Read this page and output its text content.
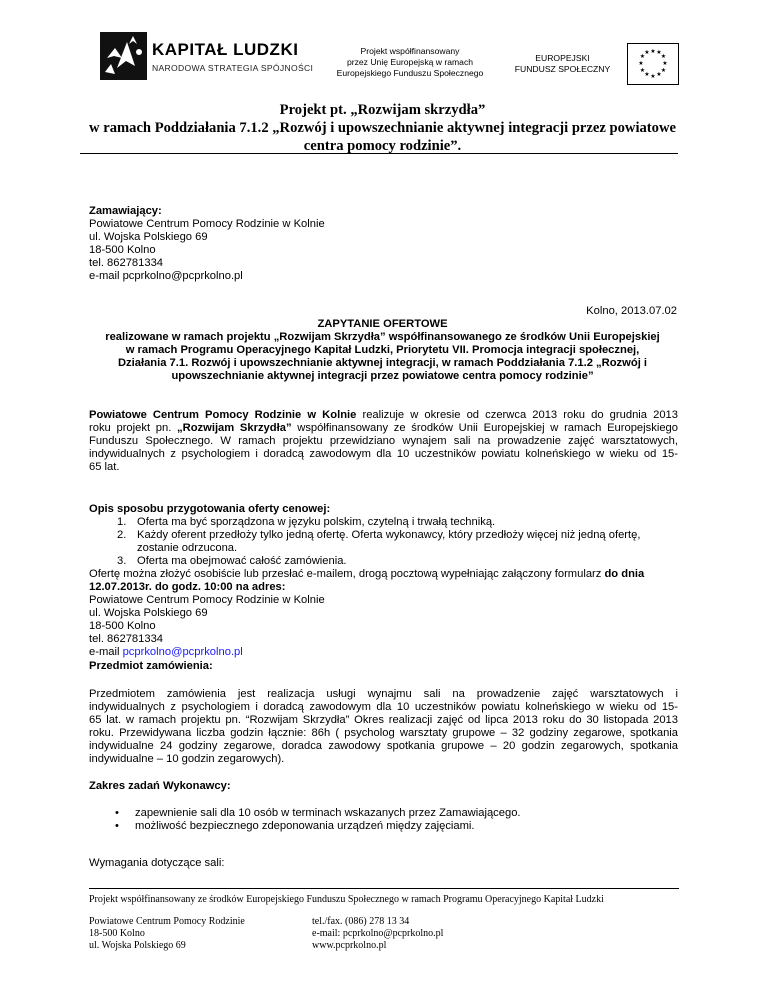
KAPITAŁ LUDZKI
NARODOWA STRATEGIA SPÓJNOŚCI
Projekt współfinansowany
przez Unię Europejską w ramach
Europejskiego Funduszu Społecznego
EUROPEJSKI
FUNDUSZ SPOŁECZNY
★ ★
★
★
★
★
★
★
★
★
★
★
Projekt pt. „Rozwijam skrzydła”
w ramach Poddziałania 7.1.2 „Rozwój i upowszechnianie aktywnej integracji przez powiatowe
centra pomocy rodzinie”.
Zamawiający:
Powiatowe Centrum Pomocy Rodzinie w Kolnie
ul. Wojska Polskiego 69
18-500 Kolno
tel. 862781334
e-mail pcprkolno@pcprkolno.pl
Kolno, 2013.07.02
ZAPYTANIE OFERTOWE
realizowane w ramach projektu „Rozwijam Skrzydła” współfinansowanego ze środków Unii Europejskiej
w ramach Programu Operacyjnego Kapitał Ludzki, Priorytetu VII. Promocja integracji społecznej,
Działania 7.1. Rozwój i upowszechnianie aktywnej integracji, w ramach Poddziałania 7.1.2 „Rozwój i
upowszechnianie aktywnej integracji przez powiatowe centra pomocy rodzinie”
Powiatowe Centrum Pomocy Rodzinie w Kolnie realizuje w okresie od czerwca 2013 roku do grudnia 2013
roku projekt pn. „Rozwijam Skrzydła” współfinansowany ze środków Unii Europejskiej w ramach Europejskiego
Funduszu Społecznego. W ramach projektu przewidziano wynajem sali na prowadzenie zajęć warsztatowych,
indywidualnych z psychologiem i doradcą zawodowym dla 10 uczestników powiatu kolneńskiego w wieku od 15-
65 lat.
Opis sposobu przygotowania oferty cenowej:
1. Oferta ma być sporządzona w języku polskim, czytelną i trwałą techniką.
2. Każdy oferent przedłoży tylko jedną ofertę. Oferta wykonawcy, który przedłoży więcej niż jedną ofertę,
zostanie odrzucona.
3. Oferta ma obejmować całość zamówienia.
Ofertę można złożyć osobiście lub przesłać e-mailem, drogą pocztową wypełniając załączony formularz do dnia
12.07.2013r. do godz. 10:00 na adres:
Powiatowe Centrum Pomocy Rodzinie w Kolnie
ul. Wojska Polskiego 69
18-500 Kolno
tel. 862781334
e-mail pcprkolno@pcprkolno.pl
Przedmiot zamówienia:
Przedmiotem zamówienia jest realizacja usługi wynajmu sali na prowadzenie zajęć warsztatowych i
indywidualnych z psychologiem i doradcą zawodowym dla 10 uczestników powiatu kolneńskiego w wieku od 15-
65 lat. w ramach projektu pn. “Rozwijam Skrzydła” Okres realizacji zajęć od lipca 2013 roku do 30 listopada 2013
roku. Przewidywana liczba godzin łącznie: 86h ( psycholog warsztaty grupowe – 32 godziny zegarowe, spotkania
indywidualne 24 godziny zegarowe, doradca zawodowy spotkania grupowe – 20 godzin zegarowych, spotkania
indywidualne – 10 godzin zegarowych).
Zakres zadań Wykonawcy:
• zapewnienie sali dla 10 osób w terminach wskazanych przez Zamawiającego.
• możliwość bezpiecznego zdeponowania urządzeń między zajęciami.
Wymagania dotyczące sali:
Projekt współfinansowany ze środków Europejskiego Funduszu Społecznego w ramach Programu Operacyjnego Kapitał Ludzki
Powiatowe Centrum Pomocy Rodzinie
18-500 Kolno
ul. Wojska Polskiego 69
tel./fax. (086) 278 13 34
e-mail: pcprkolno@pcprkolno.pl
www.pcprkolno.pl
